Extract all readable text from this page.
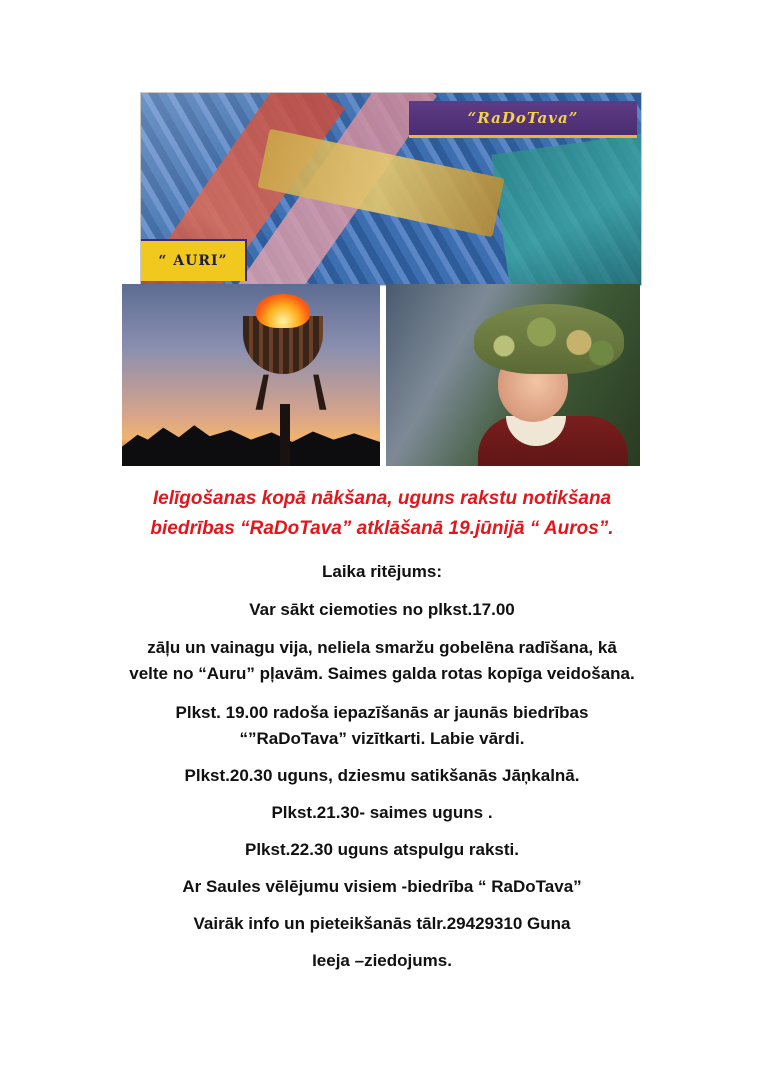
“RaDoTava”
“ AURI”
Ielīgošanas kopā nākšana, uguns rakstu notikšana
biedrības “RaDoTava” atklāšanā 19.jūnijā “ Auros”.
Laika ritējums:
Var sākt ciemoties no plkst.17.00
zāļu un vainagu vija, neliela smaržu gobelēna radīšana, kā
velte no “Auru” pļavām. Saimes galda rotas kopīga veidošana.
Plkst. 19.00 radoša iepazīšanās ar jaunās biedrības
“”RaDoTava” vizītkarti. Labie vārdi.
Plkst.20.30 uguns, dziesmu satikšanās Jāņkalnā.
Plkst.21.30- saimes uguns .
Plkst.22.30 uguns atspulgu raksti.
Ar Saules vēlējumu visiem -biedrība “ RaDoTava”
Vairāk info un pieteikšanās tālr.29429310 Guna
Ieeja –ziedojums.
